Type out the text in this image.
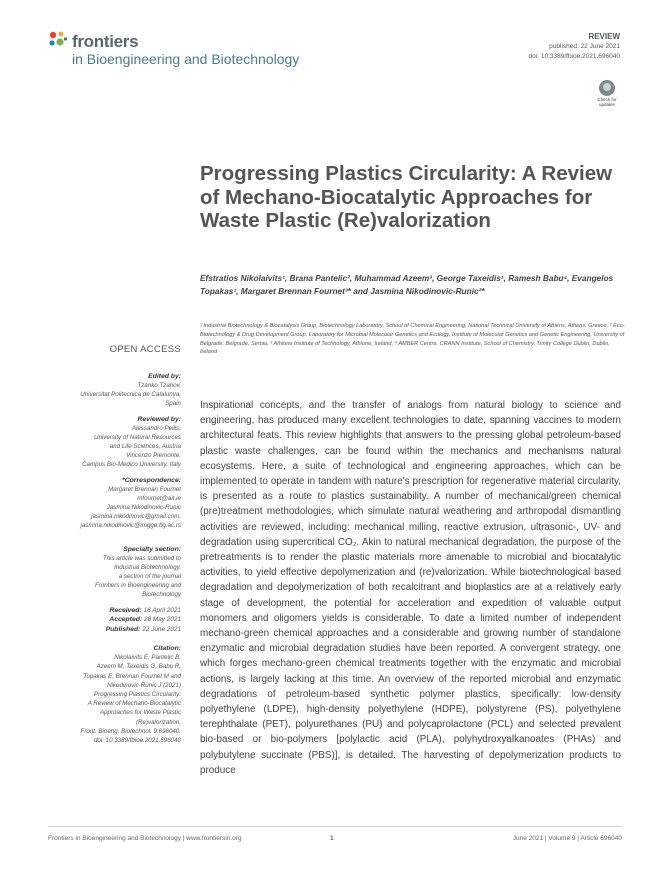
frontiers
in Bioengineering and Biotechnology
REVIEW
published: 22 June 2021
doi: 10.3389/fbioe.2021.696040
Check for updates
Progressing Plastics Circularity: A Review of Mechano-Biocatalytic Approaches for Waste Plastic (Re)valorization
Efstratios Nikolaivits¹, Brana Pantelic², Muhammad Azeem³, George Taxeidis¹, Ramesh Babu⁴, Evangelos Topakas¹, Margaret Brennan Fournet³* and Jasmina Nikodinovic-Runic²*
¹ Industrial Biotechnology & Biocatalysis Group, Biotechnology Laboratory, School of Chemical Engineering, National Technical University of Athens, Athens, Greece, ² Eco-Biotechnology & Drug Development Group, Laboratory for Microbial Molecular Genetics and Ecology, Institute of Molecular Genetics and Genetic Engineering, University of Belgrade, Belgrade, Serbia, ³ Athlone Institute of Technology, Athlone, Ireland, ⁴ AMBER Centre, CRANN Institute, School of Chemistry, Trinity College Dublin, Dublin, Ireland
OPEN ACCESS
Edited by:
Tzanko Tzanov,
Universitat Politecnica de Catalunya,
Spain
Reviewed by:
Alessandro Pellis,
University of Natural Resources
and Life Sciences, Austria
Vincenzo Piemonte,
Campus Bio-Medico University, Italy
*Correspondence:
Margaret Brennan Fournet
mfournet@ait.ie
Jasmina Nikodinovic-Runic
jasmina.nikodinovic@gmail.com;
jasmina.nikodinovic@imgge.bg.ac.rs
Specialty section:
This article was submitted to
Industrial Biotechnology,
a section of the journal
Frontiers in Bioengineering and
Biotechnology
Received: 16 April 2021
Accepted: 28 May 2021
Published: 22 June 2021
Citation:
Nikolaivits E, Pantelic B,
Azeem M, Taxeidis G, Babu R,
Topakas E, Brennan Fournet M and
Nikodinovic-Runic J (2021)
Progressing Plastics Circularity:
A Review of Mechano-Biocatalytic
Approaches for Waste Plastic
(Re)valorization.
Front. Bioeng. Biotechnol. 9:696040.
doi: 10.3389/fbioe.2021.696040
Inspirational concepts, and the transfer of analogs from natural biology to science and engineering, has produced many excellent technologies to date, spanning vaccines to modern architectural feats. This review highlights that answers to the pressing global petroleum-based plastic waste challenges, can be found within the mechanics and mechanisms natural ecosystems. Here, a suite of technological and engineering approaches, which can be implemented to operate in tandem with nature's prescription for regenerative material circularity, is presented as a route to plastics sustainability. A number of mechanical/green chemical (pre)treatment methodologies, which simulate natural weathering and arthropodal dismantling activities are reviewed, including: mechanical milling, reactive extrusion, ultrasonic-, UV- and degradation using supercritical CO₂. Akin to natural mechanical degradation, the purpose of the pretreatments is to render the plastic materials more amenable to microbial and biocatalytic activities, to yield effective depolymerization and (re)valorization. While biotechnological based degradation and depolymerization of both recalcitrant and bioplastics are at a relatively early stage of development, the potential for acceleration and expedition of valuable output monomers and oligomers yields is considerable. To date a limited number of independent mechano-green chemical approaches and a considerable and growing number of standalone enzymatic and microbial degradation studies have been reported. A convergent strategy, one which forges mechano-green chemical treatments together with the enzymatic and microbial actions, is largely lacking at this time. An overview of the reported microbial and enzymatic degradations of petroleum-based synthetic polymer plastics, specifically: low-density polyethylene (LDPE), high-density polyethylene (HDPE), polystyrene (PS), polyethylene terephthalate (PET), polyurethanes (PU) and polycaprolactone (PCL) and selected prevalent bio-based or bio-polymers [polylactic acid (PLA), polyhydroxyalkanoates (PHAs) and polybutylene succinate (PBS)], is detailed. The harvesting of depolymerization products to produce
Frontiers in Bioengineering and Biotechnology | www.frontiersin.org	1	June 2021 | Volume 9 | Article 696040
